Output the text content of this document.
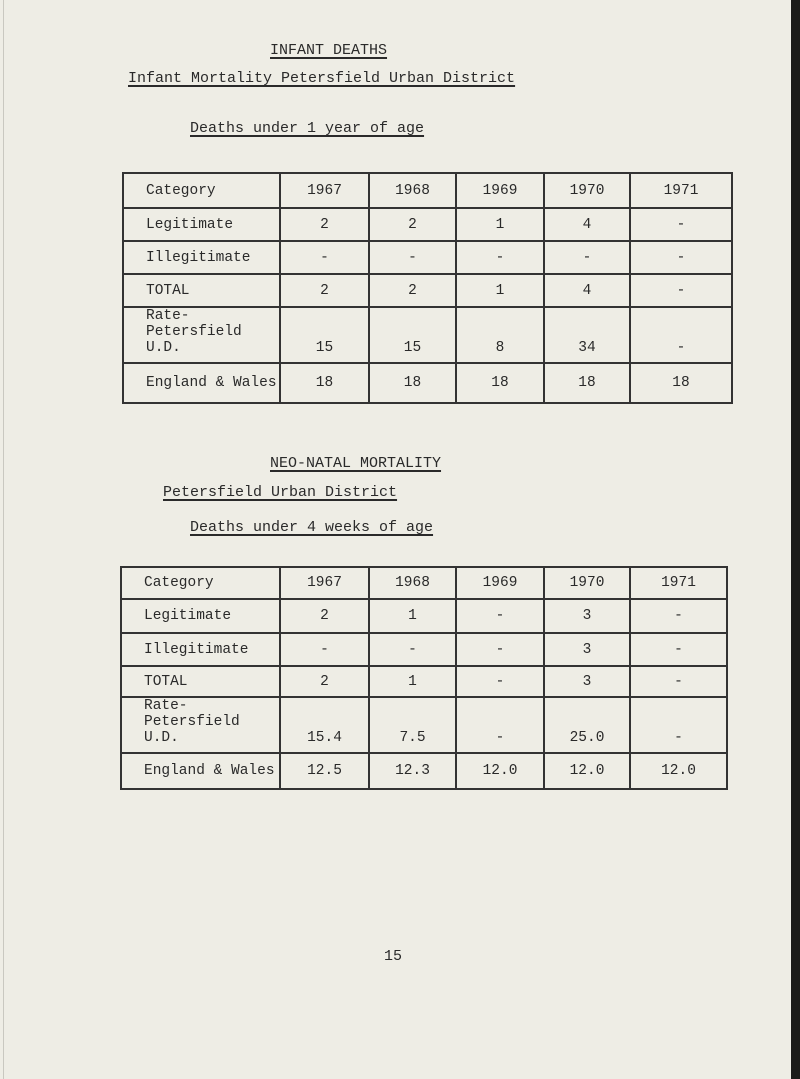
INFANT DEATHS
Infant Mortality Petersfield Urban District
Deaths under 1 year of age
Category	1967	1968	1969	1970	1971
Legitimate	2	2	1	4	-
Illegitimate	-	-	-	-	-
TOTAL	2	2	1	4	-

Rate-
Petersfield U.D.	15	15	8	34	-
England & Wales	18	18	18	18	18
NEO-NATAL MORTALITY
Petersfield Urban District
Deaths under 4 weeks of age
Category	1967	1968	1969	1970	1971
Legitimate	2	1	-	3	-
Illegitimate	-	-	-	3	-
TOTAL	2	1	-	3	-

Rate-
Petersfield U.D.	15.4	7.5	-	25.0	-
England & Wales	12.5	12.3	12.0	12.0	12.0
15
